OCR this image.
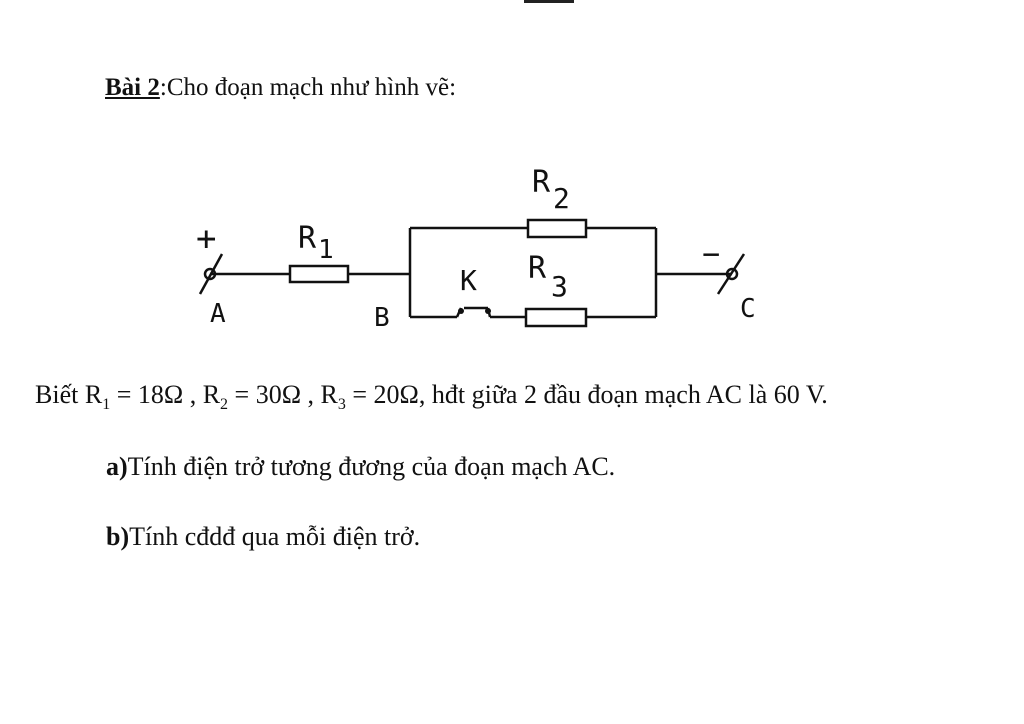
Bài 2:Cho đoạn mạch như hình vẽ:
+	−
A	B	C
K
R 1
R 2
R
3
Biết $R_1 = 18\Omega$ , $R_2 = 30\Omega$ , $R_3 = 20\Omega$, hđt giữa 2 đầu đoạn mạch AC là 60 V.
a)Tính điện trở tương đương của đoạn mạch AC.
b)Tính cđdđ qua mỗi điện trở.
